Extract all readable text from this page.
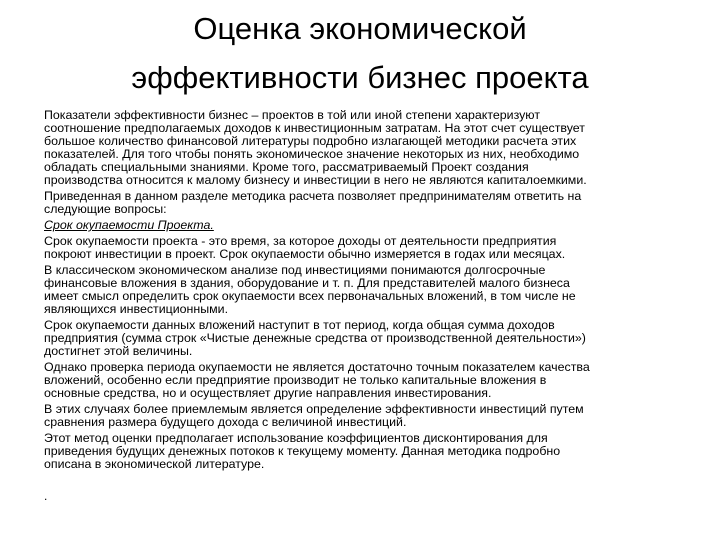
Оценка экономической
эффективности бизнес проекта

Показатели эффективности бизнес – проектов в той или иной степени характеризуют
соотношение предполагаемых доходов к инвестиционным затратам. На этот счет существует
большое количество финансовой литературы подробно излагающей методики расчета этих
показателей. Для того чтобы понять экономическое значение некоторых из них, необходимо
обладать специальными знаниями. Кроме того, рассматриваемый Проект создания
производства относится к малому бизнесу и инвестиции в него не являются капиталоемкими.

Приведенная в данном разделе методика расчета позволяет предпринимателям ответить на
следующие вопросы:

Срок окупаемости Проекта.

Срок окупаемости проекта - это время, за которое доходы от деятельности предприятия
покроют инвестиции в проект. Срок окупаемости обычно измеряется в годах или месяцах.

В классическом экономическом анализе под инвестициями понимаются долгосрочные
финансовые вложения в здания, оборудование и т. п. Для представителей малого бизнеса
имеет смысл определить срок окупаемости всех первоначальных вложений, в том числе не
являющихся инвестиционными.

Срок окупаемости данных вложений наступит в тот период, когда общая сумма доходов
предприятия (сумма строк «Чистые денежные средства от производственной деятельности»)
достигнет этой величины.

Однако проверка периода окупаемости не является достаточно точным показателем качества
вложений, особенно если предприятие производит не только капитальные вложения в
основные средства, но и осуществляет другие направления инвестирования.

В этих случаях более приемлемым является определение эффективности инвестиций путем
сравнения размера будущего дохода с величиной инвестиций.

Этот метод оценки предполагает использование коэффициентов дисконтирования для
приведения будущих денежных потоков к текущему моменту. Данная методика подробно
описана в экономической литературе.

.
